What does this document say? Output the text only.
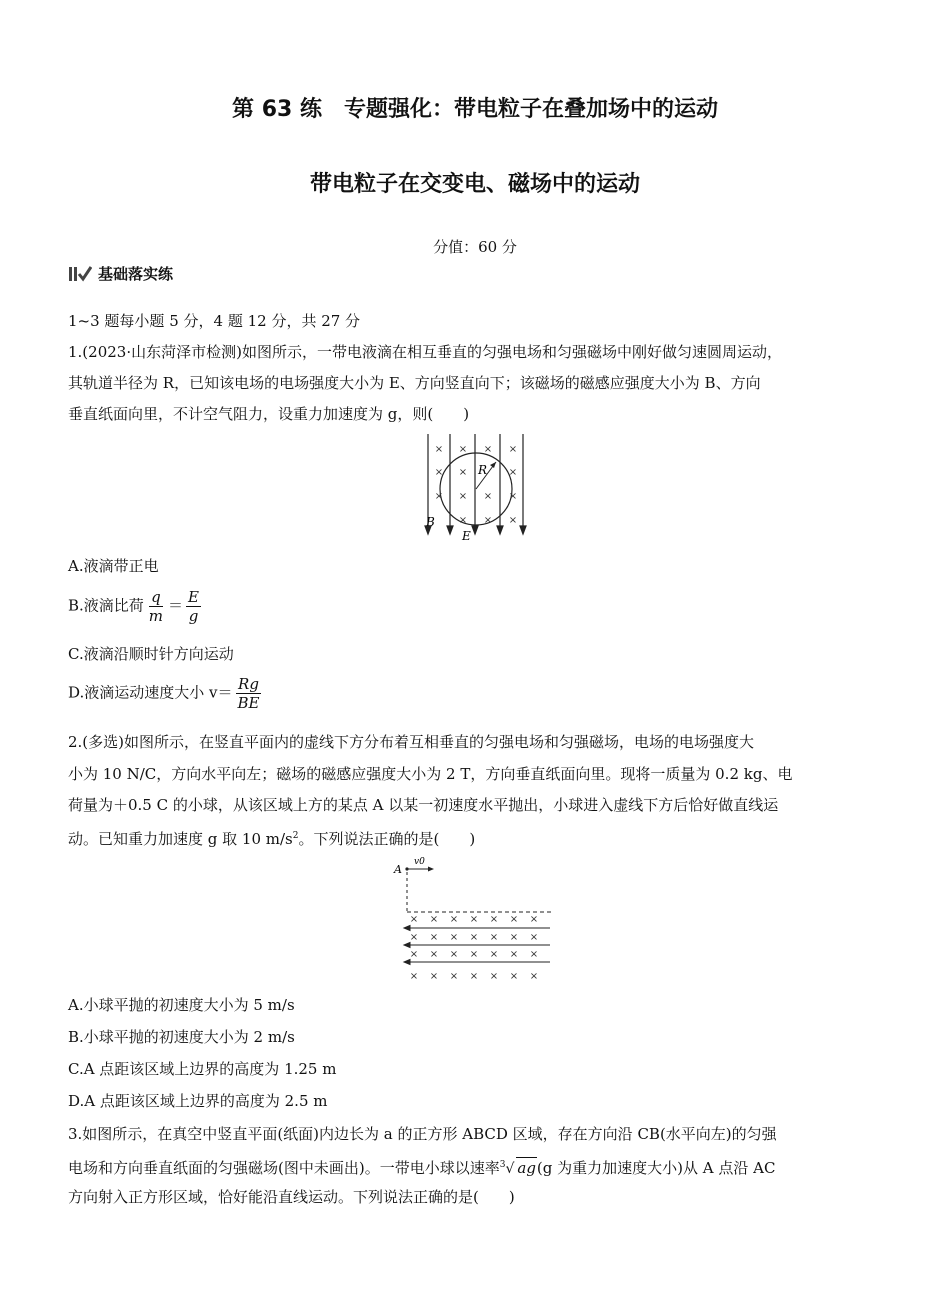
第 63 练　专题强化：带电粒子在叠加场中的运动
带电粒子在交变电、磁场中的运动
分值：60 分
基础落实练
1~3 题每小题 5 分，4 题 12 分，共 27 分
1.(2023·山东菏泽市检测)如图所示，一带电液滴在相互垂直的匀强电场和匀强磁场中刚好做匀速圆周运动，
其轨道半径为 R，已知该电场的电场强度大小为 E、方向竖直向下；该磁场的磁感应强度大小为 B、方向
垂直纸面向里，不计空气阻力，设重力加速度为 g，则(　　)
× × × ×
× ×	×
× × × ×
× × ×
R
B
E
A.液滴带正电
B.液滴比荷 $\frac{q}{m} = \frac{E}{g}$
C.液滴沿顺时针方向运动
D.液滴运动速度大小 $v= \frac{Rg}{BE}$
2.(多选)如图所示，在竖直平面内的虚线下方分布着互相垂直的匀强电场和匀强磁场，电场的电场强度大
小为 10 N/C，方向水平向左；磁场的磁感应强度大小为 2 T，方向垂直纸面向里。现将一质量为 0.2 kg、电
荷量为＋0.5 C 的小球，从该区域上方的某点 A 以某一初速度水平抛出，小球进入虚线下方后恰好做直线运
动。已知重力加速度 g 取 10 $m/s^2$。下列说法正确的是(　　)
A
v0
× × × × × × ×
× × × × × × ×
× × × × × × ×
× × × × × × ×
A.小球平抛的初速度大小为 5 m/s
B.小球平抛的初速度大小为 2 m/s
C.A 点距该区域上边界的高度为 1.25 m
D.A 点距该区域上边界的高度为 2.5 m
3.如图所示，在真空中竖直平面(纸面)内边长为 a 的正方形 ABCD 区域，存在方向沿 CB(水平向左)的匀强
电场和方向垂直纸面的匀强磁场(图中未画出)。一带电小球以速率$^3$√ ag(g 为重力加速度大小)从 A 点沿 AC
方向射入正方形区域，恰好能沿直线运动。下列说法正确的是(　　)
